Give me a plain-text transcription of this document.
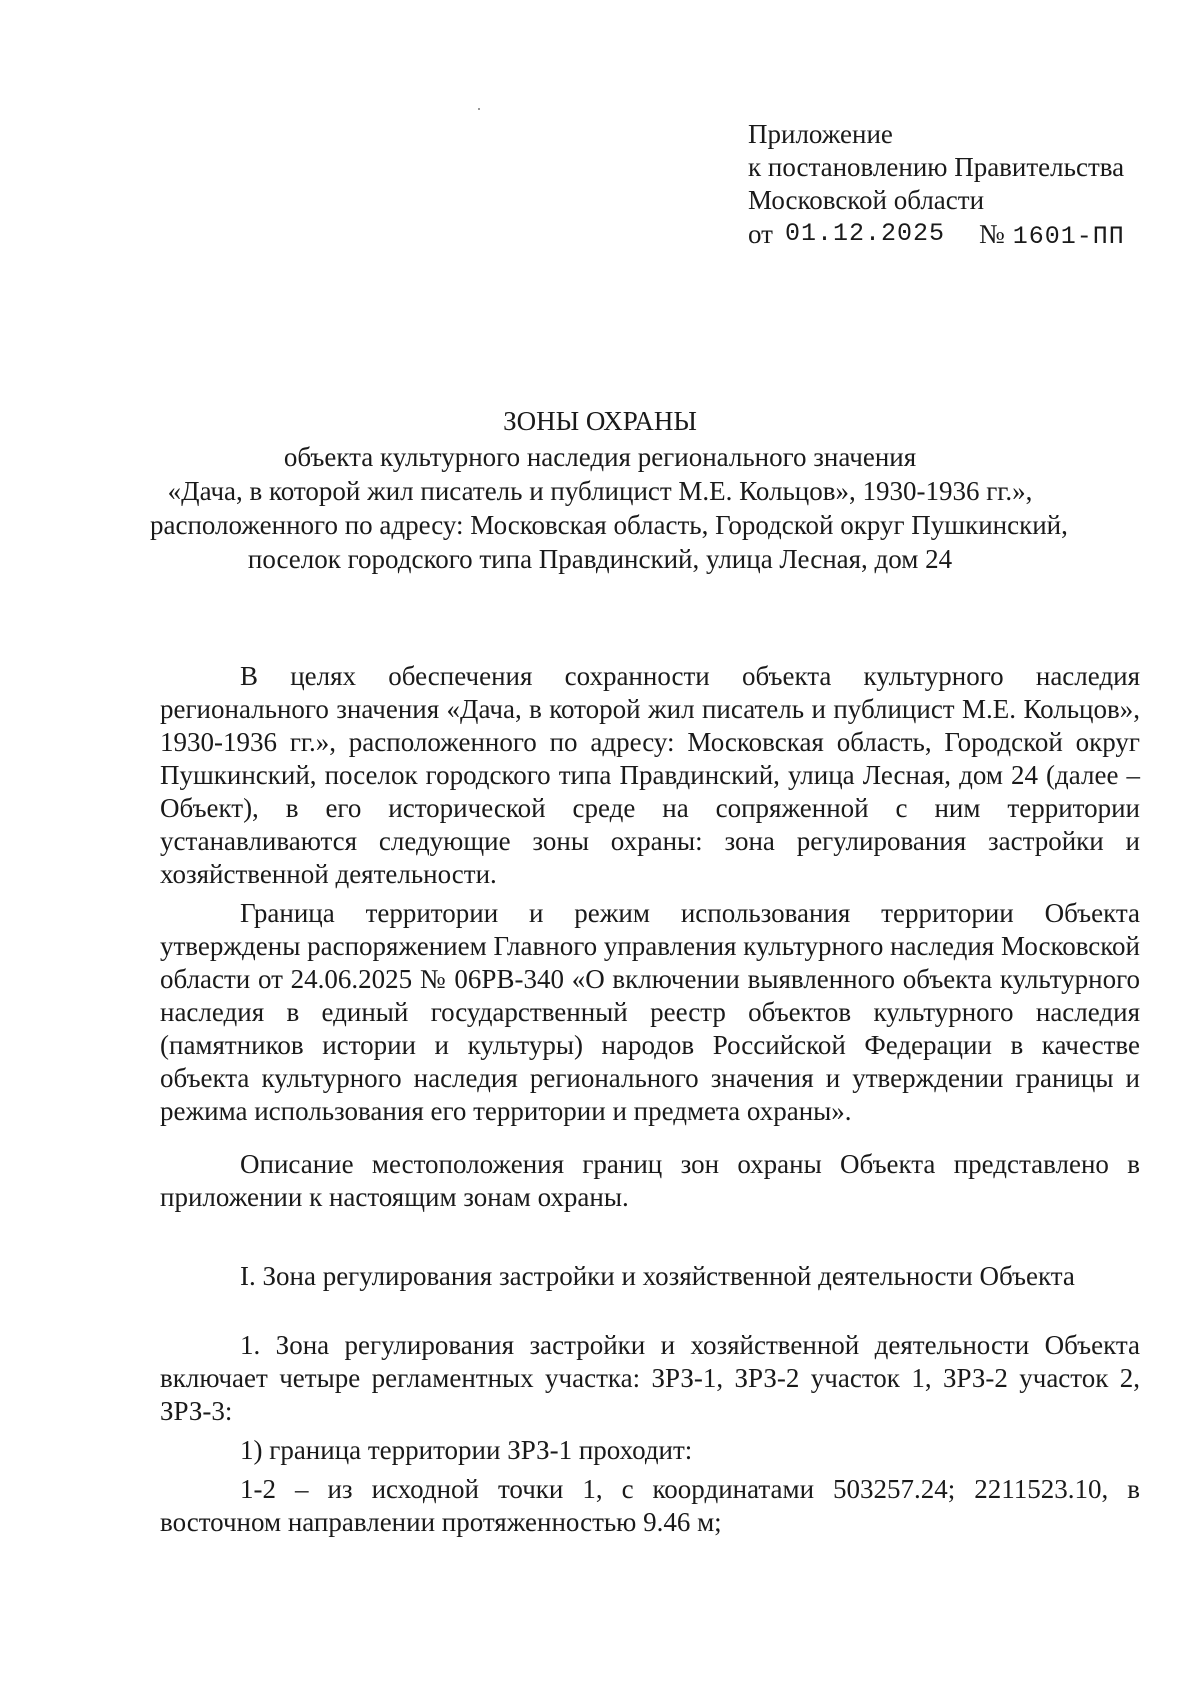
Приложение
к постановлению Правительства
Московской области
от 01.12.2025 № 1601-ПП
ЗОНЫ ОХРАНЫ
объекта культурного наследия регионального значения
«Дача, в которой жил писатель и публицист М.Е. Кольцов», 1930-1936 гг.»,
расположенного по адресу: Московская область, Городской округ Пушкинский,
поселок городского типа Правдинский, улица Лесная, дом 24

В целях обеспечения сохранности объекта культурного наследия регионального значения «Дача, в которой жил писатель и публицист М.Е. Кольцов», 1930-1936 гг.», расположенного по адресу: Московская область, Городской округ Пушкинский, поселок городского типа Правдинский, улица Лесная, дом 24 (далее – Объект), в его исторической среде на сопряженной с ним территории устанавливаются следующие зоны охраны: зона регулирования застройки и хозяйственной деятельности.

Граница территории и режим использования территории Объекта утверждены распоряжением Главного управления культурного наследия Московской области от 24.06.2025 № 06РВ-340 «О включении выявленного объекта культурного наследия в единый государственный реестр объектов культурного наследия (памятников истории и культуры) народов Российской Федерации в качестве объекта культурного наследия регионального значения и утверждении границы и режима использования его территории и предмета охраны».

Описание местоположения границ зон охраны Объекта представлено в приложении к настоящим зонам охраны.

I. Зона регулирования застройки и хозяйственной деятельности Объекта

1. Зона регулирования застройки и хозяйственной деятельности Объекта включает четыре регламентных участка: ЗРЗ-1, ЗРЗ-2 участок 1, ЗРЗ-2 участок 2, ЗРЗ-3:

1) граница территории ЗРЗ-1 проходит:

1-2 – из исходной точки 1, с координатами 503257.24; 2211523.10, в восточном направлении протяженностью 9.46 м;
